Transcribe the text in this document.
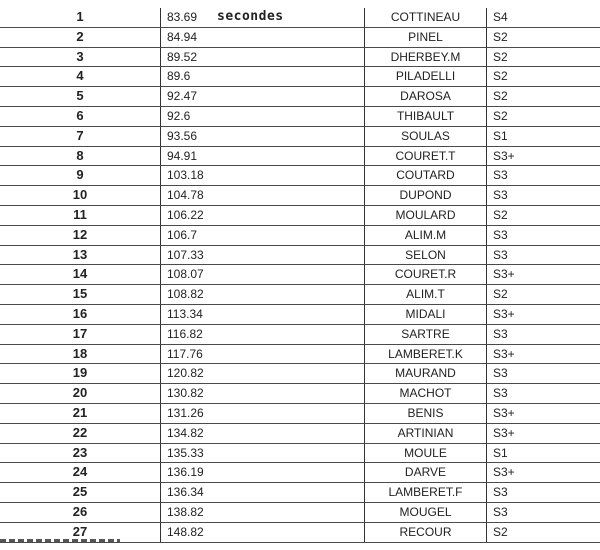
1	83.69 secondes	COTTINEAU	S4
2	84.94	PINEL	S2
3	89.52	DHERBEY.M	S2
4	89.6	PILADELLI	S2
5	92.47	DAROSA	S2
6	92.6	THIBAULT	S2
7	93.56	SOULAS	S1
8	94.91	COURET.T	S3+
9	103.18	COUTARD	S3
10	104.78	DUPOND	S3
11	106.22	MOULARD	S2
12	106.7	ALIM.M	S3
13	107.33	SELON	S3
14	108.07	COURET.R	S3+
15	108.82	ALIM.T	S2
16	113.34	MIDALI	S3+
17	116.82	SARTRE	S3
18	117.76	LAMBERET.K	S3+
19	120.82	MAURAND	S3
20	130.82	MACHOT	S3
21	131.26	BENIS	S3+
22	134.82	ARTINIAN	S3+
23	135.33	MOULE	S1
24	136.19	DARVE	S3+
25	136.34	LAMBERET.F	S3
26	138.82	MOUGEL	S3
27	148.82	RECOUR	S2
